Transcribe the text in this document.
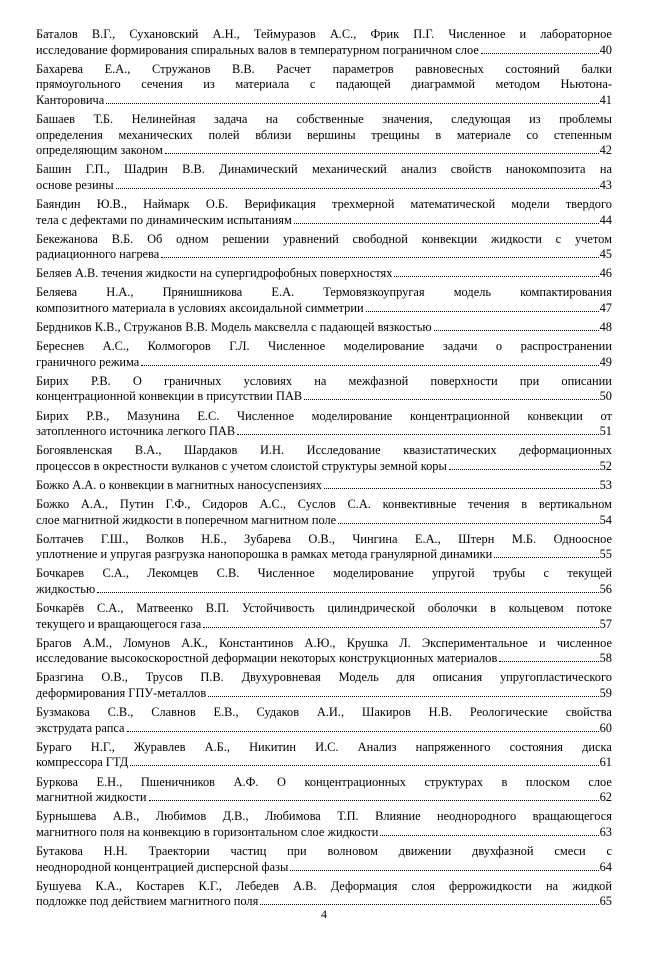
Баталов В.Г., Сухановский А.Н., Теймуразов А.С., Фрик П.Г. Численное и лабораторное
исследование формирования спиральных валов в температурном пограничном слое	40
Бахарева Е.А., Стружанов В.В. Расчет параметров равновесных состояний балки
прямоугольного сечения из материала с падающей диаграммой методом Ньютона-
Канторовича	41
Башаев Т.Б. Нелинейная задача на собственные значения, следующая из проблемы
определения механических полей вблизи вершины трещины в материале со степенным
определяющим законом	42
Башин Г.П., Шадрин В.В. Динамический механический анализ свойств нанокомпозита на
основе резины	43
Баяндин Ю.В., Наймарк О.Б. Верификация трехмерной математической модели твердого
тела с дефектами по динамическим испытаниям	44
Бекежанова В.Б. Об одном решении уравнений свободной конвекции жидкости с учетом
радиационного нагрева	45
Беляев А.В. течения жидкости на супергидрофобных поверхностях	46
Беляева Н.А., Прянишникова Е.А. Термовязкоупругая модель компактирования
композитного материала в условиях аксоидальной симметрии	47
Бердников К.В., Стружанов В.В. Модель максвелла с падающей вязкостью	48
Береснев А.С., Колмогоров Г.Л. Численное моделирование задачи о распространении
граничного режима	49
Бирих Р.В. О граничных условиях на межфазной поверхности при описании
концентрационной конвекции в присутствии ПАВ	50
Бирих Р.В., Мазунина Е.С. Численное моделирование концентрационной конвекции от
затопленного источника легкого ПАВ	51
Богоявленская В.А., Шардаков И.Н. Исследование квазистатических деформационных
процессов в окрестности вулканов с учетом слоистой структуры земной коры	52
Божко А.А. о конвекции в магнитных наносуспензиях	53
Божко А.А., Путин Г.Ф., Сидоров А.С., Суслов С.А. конвективные течения в вертикальном
слое магнитной жидкости в поперечном магнитном поле	54
Болтачев Г.Ш., Волков Н.Б., Зубарева О.В., Чингина Е.А., Штерн М.Б. Одноосное
уплотнение и упругая разгрузка нанопорошка в рамках метода гранулярной динамики	55
Бочкарев С.А., Лекомцев С.В. Численное моделирование упругой трубы с текущей
жидкостью	56
Бочкарёв С.А., Матвеенко В.П. Устойчивость цилиндрической оболочки в кольцевом потоке
текущего и вращающегося газа	57
Брагов А.М., Ломунов А.К., Константинов А.Ю., Крушка Л. Экспериментальное и численное
исследование высокоскоростной деформации некоторых конструкционных материалов	58
Бразгина О.В., Трусов П.В. Двухуровневая Модель для описания упругопластического
деформирования ГПУ-металлов	59
Бузмакова С.В., Славнов Е.В., Судаков А.И., Шакиров Н.В. Реологические свойства
экструдата рапса	60
Бураго Н.Г., Журавлев А.Б., Никитин И.С. Анализ напряженного состояния диска
компрессора ГТД	61
Буркова Е.Н., Пшеничников А.Ф. О концентрационных структурах в плоском слое
магнитной жидкости	62
Бурнышева А.В., Любимов Д.В., Любимова Т.П. Влияние неоднородного вращающегося
магнитного поля на конвекцию в горизонтальном слое жидкости	63
Бутакова Н.Н. Траектории частиц при волновом движении двухфазной смеси с
неоднородной концентрацией дисперсной фазы	64
Бушуева К.А., Костарев К.Г., Лебедев А.В. Деформация слоя феррожидкости на жидкой
подложке под действием магнитного поля	65
4
